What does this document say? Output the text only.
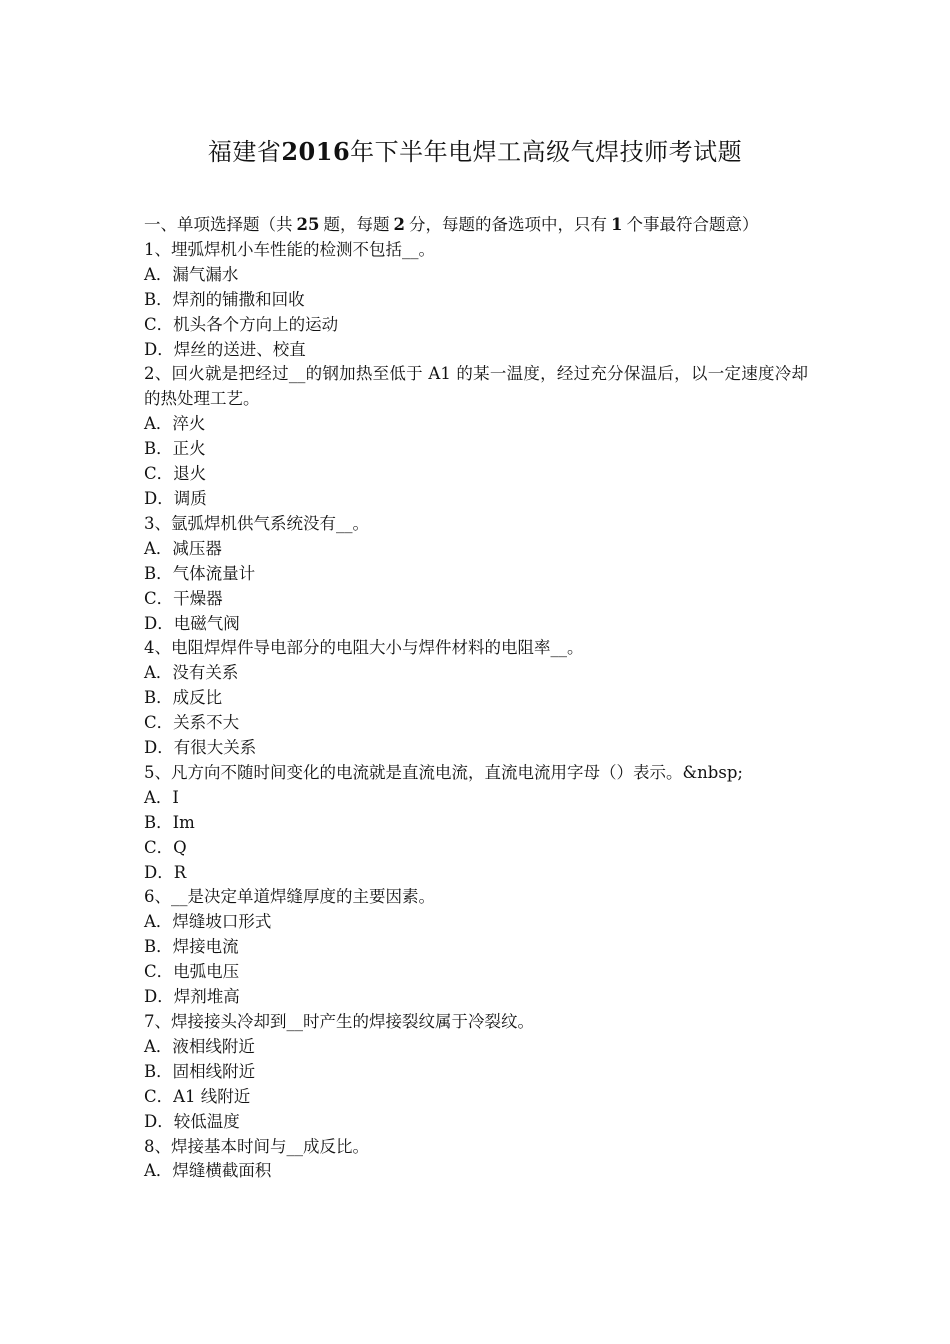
福建省2016年下半年电焊工高级气焊技师考试题
一、单项选择题（共 25 题，每题 2 分，每题的备选项中，只有 1 个事最符合题意）
1、埋弧焊机小车性能的检测不包括__。
A．漏气漏水
B．焊剂的铺撒和回收
C．机头各个方向上的运动
D．焊丝的送进、校直
2、回火就是把经过__的钢加热至低于 A1 的某一温度，经过充分保温后，以一定速度冷却的热处理工艺。
A．淬火
B．正火
C．退火
D．调质
3、氩弧焊机供气系统没有__。
A．减压器
B．气体流量计
C．干燥器
D．电磁气阀
4、电阻焊焊件导电部分的电阻大小与焊件材料的电阻率__。
A．没有关系
B．成反比
C．关系不大
D．有很大关系
5、凡方向不随时间变化的电流就是直流电流，直流电流用字母（）表示。&nbsp;
A．I
B．Im
C．Q
D．R
6、__是决定单道焊缝厚度的主要因素。
A．焊缝坡口形式
B．焊接电流
C．电弧电压
D．焊剂堆高
7、焊接接头冷却到__时产生的焊接裂纹属于冷裂纹。
A．液相线附近
B．固相线附近
C．A1 线附近
D．较低温度
8、焊接基本时间与__成反比。
A．焊缝横截面积
